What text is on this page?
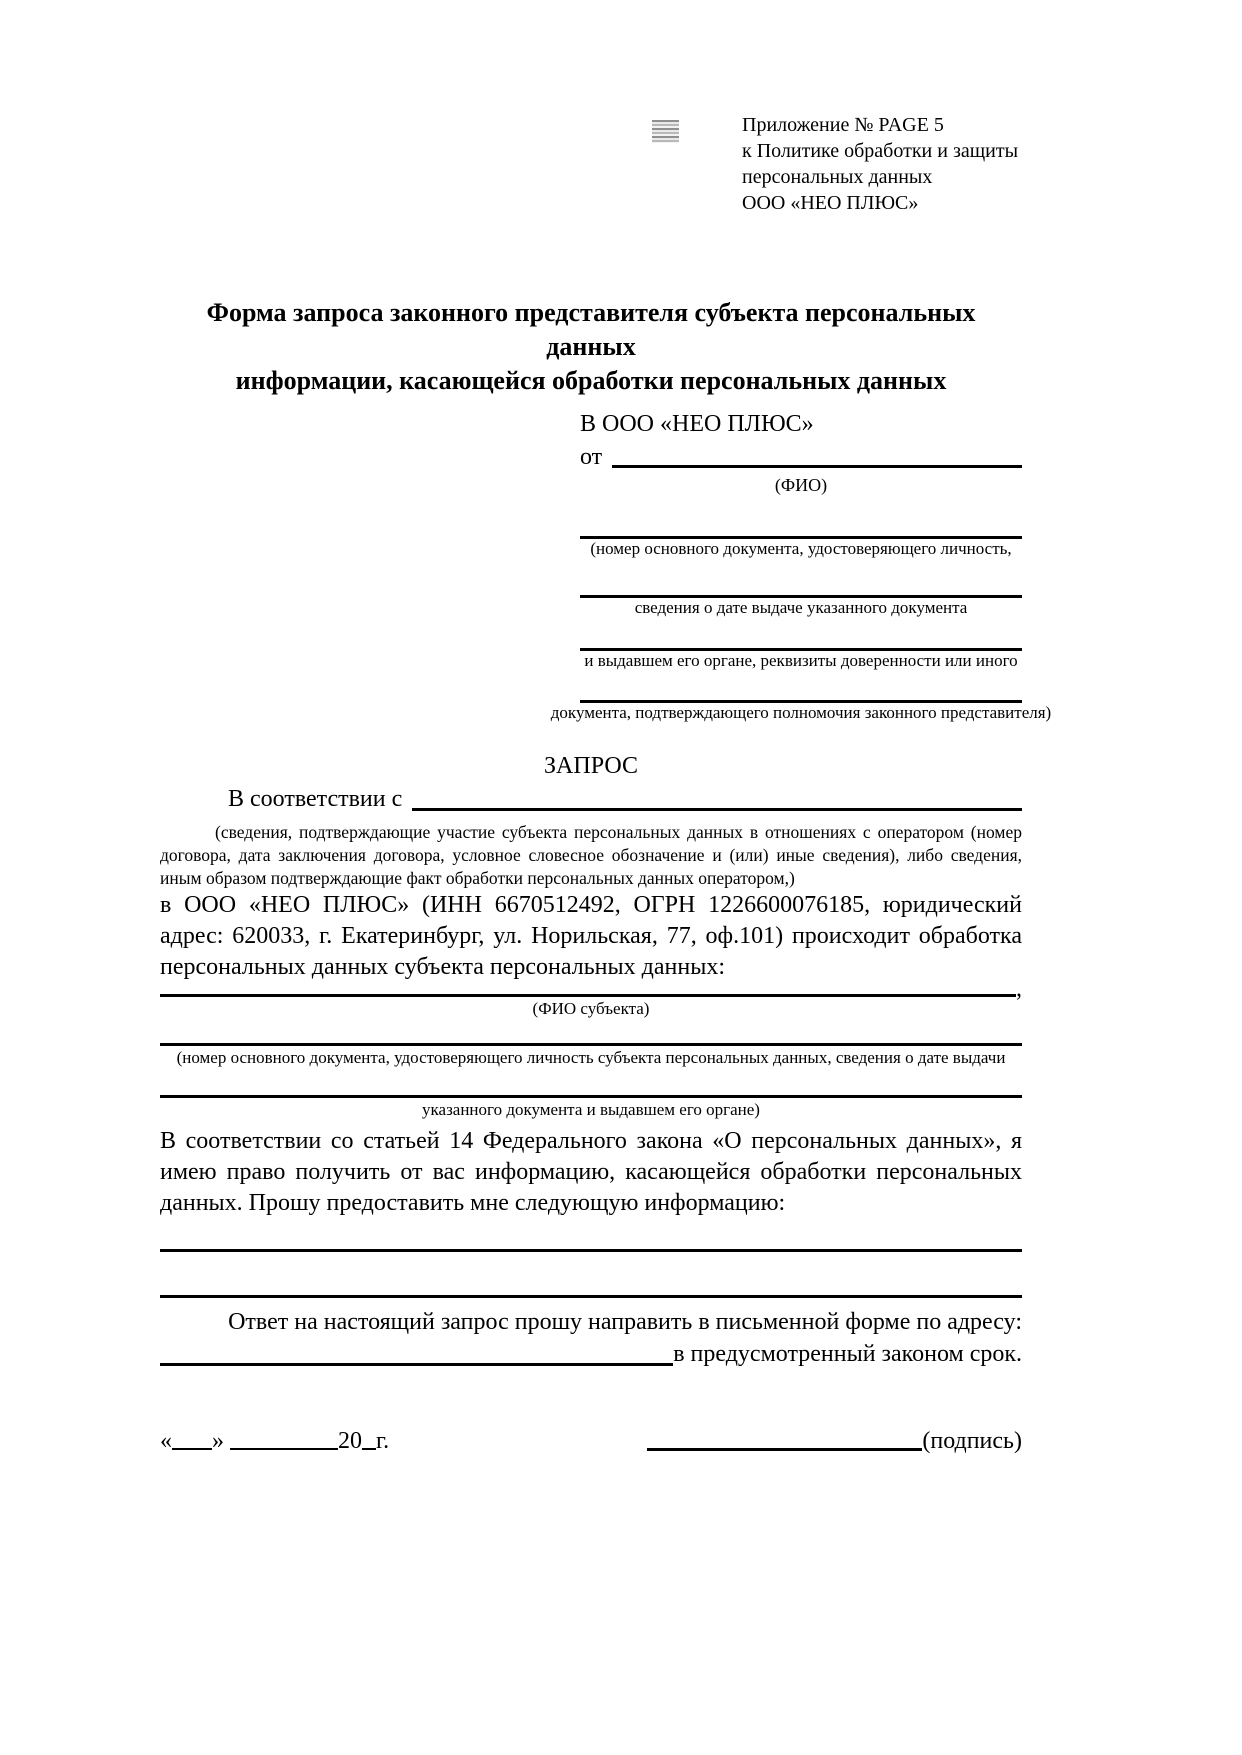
Приложение № PAGE 5
к Политике обработки и защиты
персональных данных
ООО «НЕО ПЛЮС»
Форма запроса законного представителя субъекта персональных данных
информации, касающейся обработки персональных данных
В ООО «НЕО ПЛЮС»
от
(ФИО)
(номер основного документа, удостоверяющего личность,
сведения о дате выдаче указанного документа
и выдавшем его органе, реквизиты доверенности или иного
документа, подтверждающего полномочия законного представителя)
ЗАПРОС
В соответствии с
(сведения, подтверждающие участие субъекта персональных данных в отношениях с оператором (номер договора, дата заключения договора, условное словесное обозначение и (или) иные сведения), либо сведения, иным образом подтверждающие факт обработки персональных данных оператором,)
в ООО «НЕО ПЛЮС» (ИНН 6670512492, ОГРН 1226600076185, юридический адрес: 620033, г. Екатеринбург, ул. Норильская, 77, оф.101) происходит обработка персональных данных субъекта персональных данных:
,
(ФИО субъекта)
(номер основного документа, удостоверяющего личность субъекта персональных данных, сведения о дате выдачи
указанного документа и выдавшем его органе)
В соответствии со статьей 14 Федерального закона «О персональных данных», я имею право получить от вас информацию, касающейся обработки персональных данных. Прошу предоставить мне следующую информацию:
Ответ на настоящий запрос прошу направить в письменной форме по адресу:
в предусмотренный законом срок.
« »	20 г.	(подпись)
